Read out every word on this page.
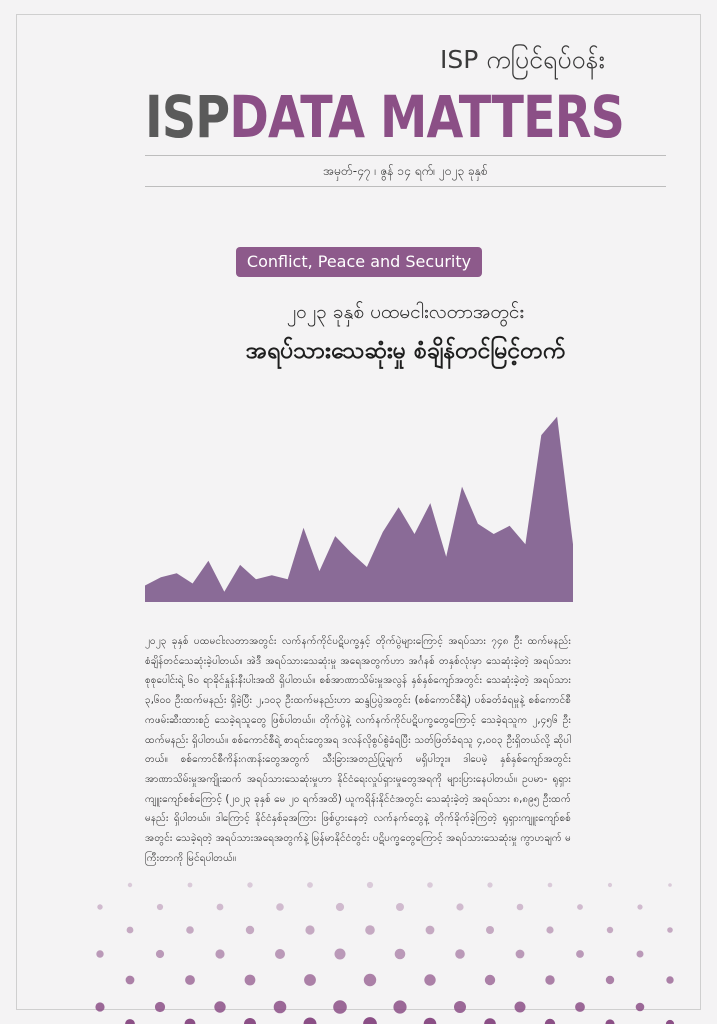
ISP ကပြင်ရပ်ဝန်း
ISPDATA MATTERS
အမှတ်-၄၇ ၊ ဇွန် ၁၄ ရက်၊ ၂၀၂၃ ခုနှစ်
Conflict, Peace and Security
၂၀၂၃ ခုနှစ် ပထမငါးလတာအတွင်း
အရပ်သားသေဆုံးမှု စံချိန်တင်မြင့်တက်
၂၀၂၃ ခုနှစ် ပထမငါးလတာအတွင်း လက်နက်ကိုင်ပဋိပက္ခနှင့် တိုက်ပွဲများကြောင့် အရပ်သား ၇၄၈ ဦး ထက်မနည်း စံချိန်တင်သေဆုံးခဲ့ပါတယ်။ အဲဒီ အရပ်သားသေဆုံးမှု အရေအတွက်ဟာ အင်္ဂနစ် တနှစ်လုံးမှာ သေဆုံးခဲ့တဲ့ အရပ်သားစုစုပေါင်းရဲ့ ၆၀ ရာခိုင်နှုန်းနီးပါးအထိ ရှိပါတယ်။ စစ်အာဏာသိမ်းမှုအလွန် နှစ်နှစ်ကျော်အတွင်း သေဆုံးခဲ့တဲ့ အရပ်သား ၃,၆၀၀ ဦးထက်မနည်း ရှိခဲ့ပြီး ၂,၁၀၃ ဦးထက်မနည်းဟာ ဆန္ဒပြပွဲအတွင်း (စစ်ကောင်စီရဲ့) ပစ်ခတ်ခံရမှုနဲ့ စစ်ကောင်စီကဖမ်းဆီးထားစဉ် သေခဲ့ရသူတွေ ဖြစ်ပါတယ်။ တိုက်ပွဲနဲ့ လက်နက်ကိုင်ပဋိပက္ခတွေကြောင့် သေခဲ့ရသူက ၂,၄၅၆ ဦးထက်မနည်း ရှိပါတယ်။ စစ်ကောင်စီရဲ့ စာရင်းတွေအရ ဒလန်လိုစွပ်စွဲခံရပြီး သတ်ဖြတ်ခံရသူ ၄,၀၀၃ ဦးရှိတယ်လို့ ဆိုပါတယ်။ စစ်ကောင်စီကိန်းဂဏန်းတွေအတွက် သီးခြားအတည်ပြုချက် မရှိပါဘူး။ ဒါပေမဲ့ နှစ်နှစ်ကျော်အတွင်း အာဏာသိမ်းမှုအကျိုးဆက် အရပ်သားသေဆုံးမှုဟာ နိုင်ငံရေးလှုပ်ရှားမှုတွေအရကို များပြားနေပါတယ်။ ဥပမာ- ရုရှားကျူးကျော်စစ်ကြောင့် (၂၀၂၃ ခုနှစ် မေ ၂၀ ရက်အထိ) ယူကရိန်းနိုင်ငံအတွင်း သေဆုံးခဲ့တဲ့ အရပ်သား ၈,၈၉၅ ဦးထက်မနည်း ရှိပါတယ်။ ဒါကြောင့် နိုင်ငံနှစ်ခုအကြား ဖြစ်ပွားနေတဲ့ လက်နက်တွေနဲ့ တိုက်ခိုက်ခဲ့ကြတဲ့ ရုရှားကျူးကျော်စစ်အတွင်း သေခဲ့ရတဲ့ အရပ်သားအရေအတွက်နဲ့ မြန်မာနိုင်ငံတွင်း ပဋိပက္ခတွေကြောင့် အရပ်သားသေဆုံးမှု ကွာဟချက် မကြီးတာကို မြင်ရပါတယ်။
